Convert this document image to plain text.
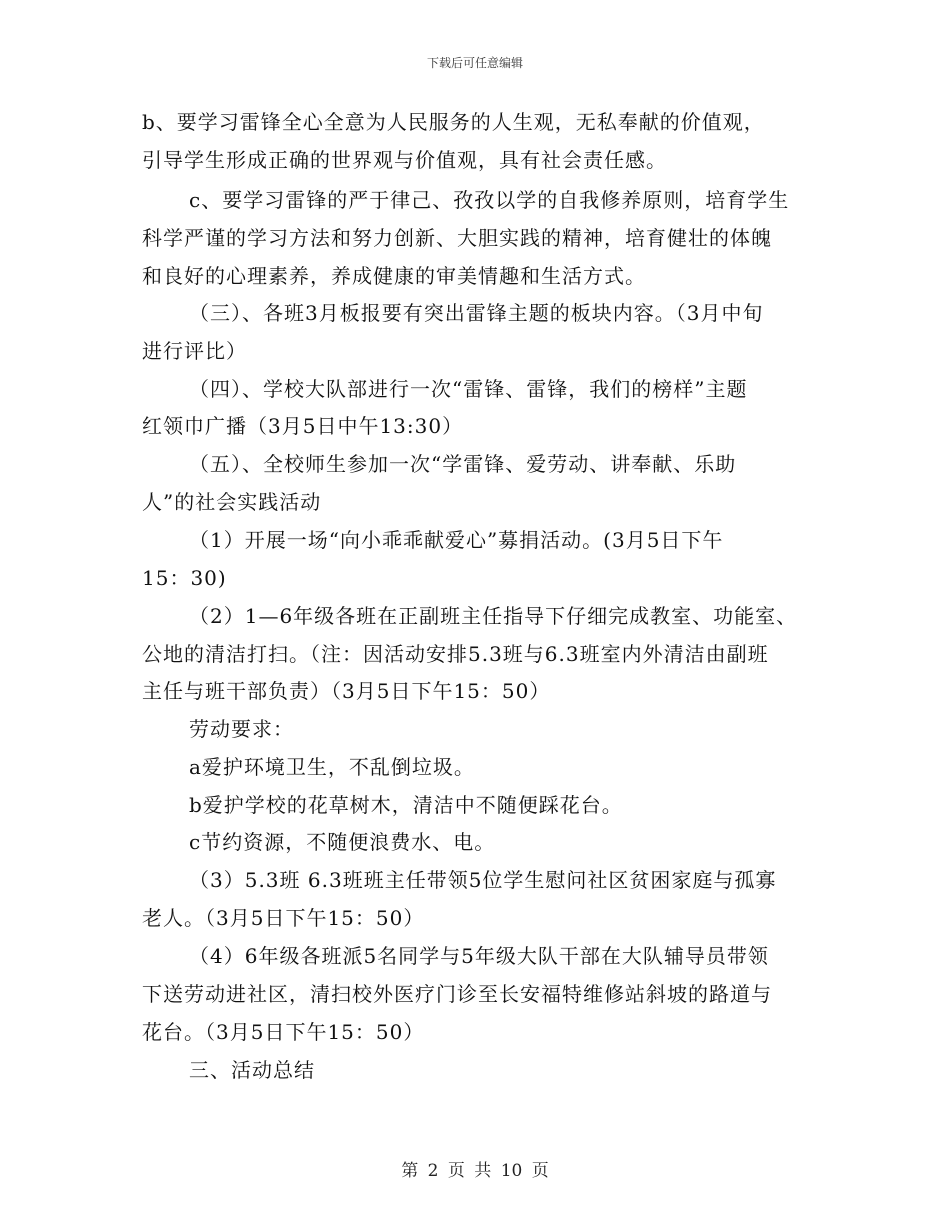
下载后可任意编辑
b、要学习雷锋全心全意为人民服务的人生观，无私奉献的价值观，
引导学生形成正确的世界观与价值观，具有社会责任感。
c、要学习雷锋的严于律己、孜孜以学的自我修养原则，培育学生
科学严谨的学习方法和努力创新、大胆实践的精神，培育健壮的体魄
和良好的心理素养，养成健康的审美情趣和生活方式。
（三）、各班3月板报要有突出雷锋主题的板块内容。（3月中旬
进行评比）
（四）、学校大队部进行一次“雷锋、雷锋，我们的榜样”主题
红领巾广播（3月5日中午13:30）
（五）、全校师生参加一次“学雷锋、爱劳动、讲奉献、乐助
人”的社会实践活动
（1）开展一场“向小乖乖献爱心”募捐活动。(3月5日下午
15：30)
（2）1—6年级各班在正副班主任指导下仔细完成教室、功能室、
公地的清洁打扫。（注：因活动安排5.3班与6.3班室内外清洁由副班
主任与班干部负责）（3月5日下午15：50）
劳动要求：
a爱护环境卫生，不乱倒垃圾。
b爱护学校的花草树木，清洁中不随便踩花台。
c节约资源，不随便浪费水、电。
（3）5.3班 6.3班班主任带领5位学生慰问社区贫困家庭与孤寡
老人。（3月5日下午15：50）
（4）6年级各班派5名同学与5年级大队干部在大队辅导员带领
下送劳动进社区，清扫校外医疗门诊至长安福特维修站斜坡的路道与
花台。（3月5日下午15：50）
三、活动总结
第 2 页 共 10 页
